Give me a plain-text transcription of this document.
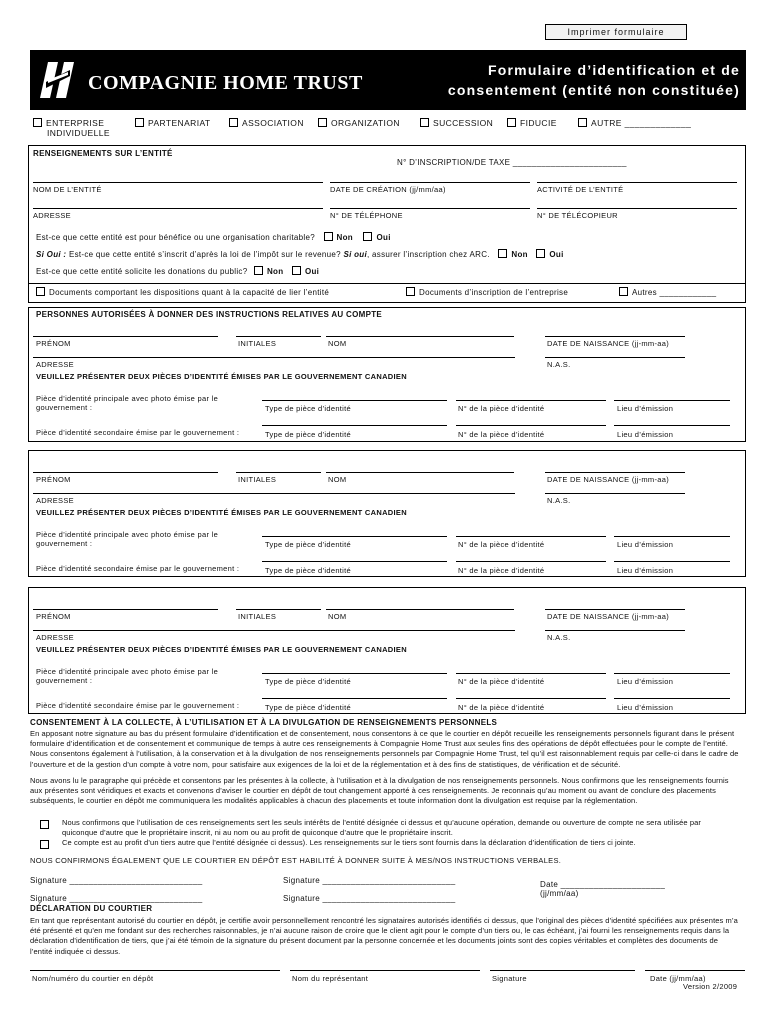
Imprimer formulaire
COMPAGNIE HOME TRUST
Formulaire d’identification et de
consentement (entité non constituée)
ENTERPRISE
INDIVIDUELLE
PARTENARIAT	ASSOCIATION	ORGANIZATION	SUCCESSION	FIDUCIE	AUTRE _____________
RENSEIGNEMENTS SUR L’ENTITÉ
N° D’INSCRIPTION/DE TAXE ________________________
NOM DE L’ENTITÉ	DATE DE CRÉATION (jj/mm/aa)	ACTIVITÉ DE L’ENTITÉ
ADRESSE	N° DE TÉLÉPHONE	N° DE TÉLÉCOPIEUR
Est-ce que cette entité est pour bénéfice ou une organisation charitable?	Non	Oui
Si Oui : Est-ce que cette entité s’inscrit d’après la loi de l’impôt sur le revenue? Si oui, assurer l’inscription chez ARC.	Non	Oui
Est-ce que cette entité solicite les donations du public? Non	Oui
Documents comportant les dispositions quant à la capacité de lier l’entité	Documents d’inscription de l’entreprise	Autres ____________
PERSONNES AUTORISÉES À DONNER DES INSTRUCTIONS RELATIVES AU COMPTE
PRÉNOM	INITIALES	NOM	DATE DE NAISSANCE (jj-mm-aa)
ADRESSE	N.A.S.
VEUILLEZ PRÉSENTER DEUX PIÈCES D’IDENTITÉ ÉMISES PAR LE GOUVERNEMENT CANADIEN
Pièce d’identité principale avec photo émise par le
gouvernement :	Type de pièce d’identité	N° de la pièce d’identité	Lieu d’émission
Pièce d’identité secondaire émise par le gouvernement :	Type de pièce d’identité	N° de la pièce d’identité	Lieu d’émission
PRÉNOM	INITIALES	NOM	DATE DE NAISSANCE (jj-mm-aa)
ADRESSE	N.A.S.
VEUILLEZ PRÉSENTER DEUX PIÈCES D’IDENTITÉ ÉMISES PAR LE GOUVERNEMENT CANADIEN
Pièce d’identité principale avec photo émise par le
gouvernement :	Type de pièce d’identité	N° de la pièce d’identité	Lieu d’émission
Pièce d’identité secondaire émise par le gouvernement :	Type de pièce d’identité	N° de la pièce d’identité	Lieu d’émission
PRÉNOM	INITIALES	NOM	DATE DE NAISSANCE (jj-mm-aa)
ADRESSE	N.A.S.
VEUILLEZ PRÉSENTER DEUX PIÈCES D’IDENTITÉ ÉMISES PAR LE GOUVERNEMENT CANADIEN
Pièce d’identité principale avec photo émise par le
gouvernement :	Type de pièce d’identité	N° de la pièce d’identité	Lieu d’émission
Pièce d’identité secondaire émise par le gouvernement :	Type de pièce d’identité	N° de la pièce d’identité	Lieu d’émission
CONSENTEMENT À LA COLLECTE, À L’UTILISATION ET À LA DIVULGATION DE RENSEIGNEMENTS PERSONNELS
En apposant notre signature au bas du présent formulaire d’identification et de consentement, nous consentons à ce que le courtier en dépôt recueille les renseignements personnels figurant dans le présent formulaire d’identification et de consentement et communique de temps à autre ces renseignements à Compagnie Home Trust aux seules fins des opérations de dépôt effectuées pour le compte de l’entité. Nous consentons également à l’utilisation, à la conservation et à la divulgation de nos renseignements personnels par Compagnie Home Trust, tel qu’il est raisonnablement requis par celle-ci dans le cadre de l’ouverture et de la gestion d’un compte à votre nom, pour satisfaire aux exigences de la loi et de la réglementation et à des fins de statistiques, de vérification et de sécurité.
Nous avons lu le paragraphe qui précède et consentons par les présentes à la collecte, à l’utilisation et à la divulgation de nos renseignements personnels. Nous confirmons que les renseignements fournis aux présentes sont véridiques et exacts et convenons d’aviser le courtier en dépôt de tout changement apporté à ces renseignements. Je reconnais qu’au moment ou avant de conclure des placements subséquents, le courtier en dépôt me communiquera les modalités applicables à chacun des placements et toute information dont la divulgation est requise par la réglementation.
Nous confirmons que l’utilisation de ces renseignements sert les seuls intérêts de l’entité désignée ci dessus et qu’aucune opération, demande ou ouverture de compte ne sera utilisée par quiconque d’autre que le propriétaire inscrit, ni au nom ou au profit de quiconque d’autre que le propriétaire inscrit.
Ce compte est au profit d’un tiers autre que l’entité désignée ci dessus). Les renseignements sur le tiers sont fournis dans la déclaration d’identification de tiers ci jointe.
NOUS CONFIRMONS ÉGALEMENT QUE LE COURTIER EN DÉPÔT EST HABILITÉ À DONNER SUITE À MES/NOS INSTRUCTIONS VERBALES.
Signature ____________________________	Signature ____________________________
Signature ____________________________	Signature ____________________________
Date ______________________
(jj/mm/aa)
DÉCLARATION DU COURTIER
En tant que représentant autorisé du courtier en dépôt, je certifie avoir personnellement rencontré les signataires autorisés identifiés ci dessus, que l’original des pièces d’identité spécifiées aux présentes m’a été présenté et qu’en me fondant sur des recherches raisonnables, je n’ai aucune raison de croire que le client agit pour le compte d’un tiers ou, le cas échéant, j’ai fourni les renseignements requis dans la déclaration d’identification de tiers, que j’ai été témoin de la signature du présent document par la personne concernée et les documents joints sont des copies véritables et complètes des documents de l’entité indiquée ci dessus.
Nom/numéro du courtier en dépôt	Nom du représentant	Signature	Date (jj/mm/aa)
Version 2/2009
